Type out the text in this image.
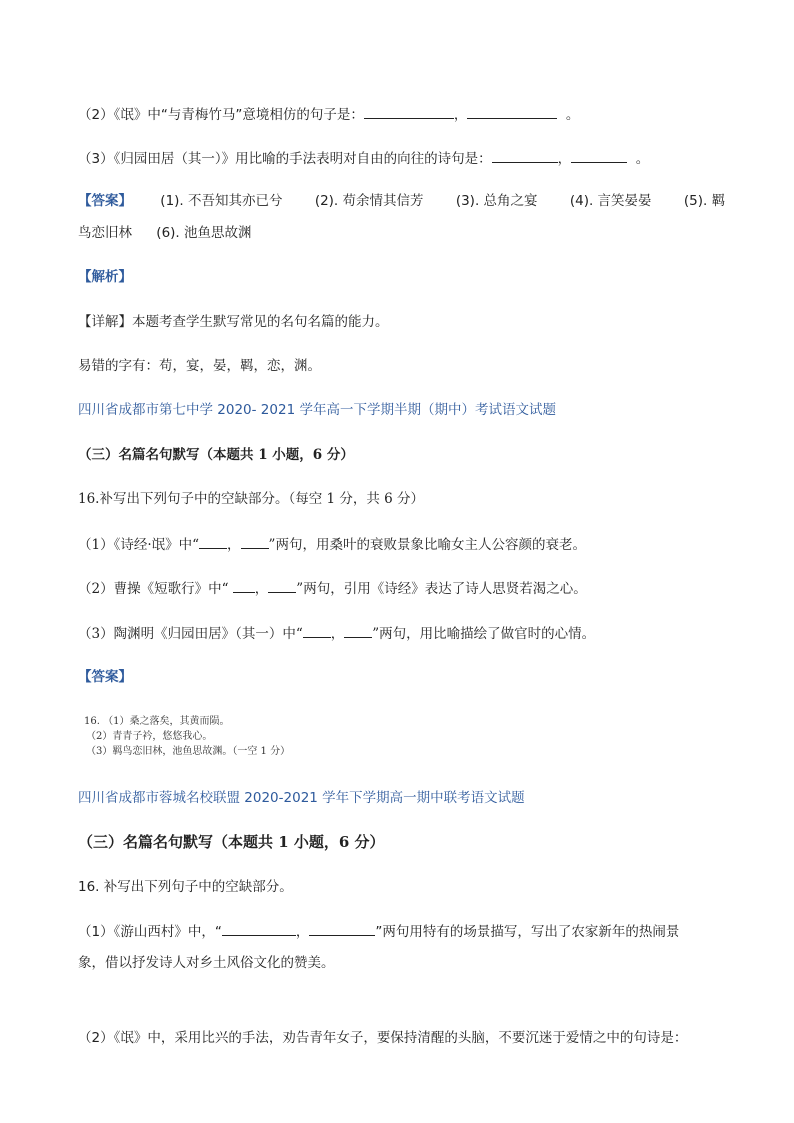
（2）《氓》中“与青梅竹马”意境相仿的句子是：	，	。
（3）《归园田居（其一）》用比喻的手法表明对自由的向往的诗句是：	，	。
【答案】 (1). 不吾知其亦已兮 (2). 苟余情其信芳 (3). 总角之宴 (4). 言笑晏晏 (5). 羁
鸟恋旧林 (6). 池鱼思故渊
【解析】
【详解】本题考查学生默写常见的名句名篇的能力。
易错的字有：苟，宴，晏，羁，恋，渊。
四川省成都市第七中学 2020- 2021 学年高一下学期半期（期中）考试语文试题
（三）名篇名句默写（本题共 1 小题，6 分）
16.补写出下列句子中的空缺部分。（每空 1 分，共 6 分）
（1）《诗经·氓》中“ ， ”两句，用桑叶的衰败景象比喻女主人公容颜的衰老。
（2）曹操《短歌行》中“ ， ”两句，引用《诗经》表达了诗人思贤若渴之心。
（3）陶渊明《归园田居》（其一）中“ ， ”两句，用比喻描绘了做官时的心情。
【答案】
16. （1）桑之落矣，其黄而陨。
（2）青青子衿，悠悠我心。
（3）羁鸟恋旧林，池鱼思故渊。（一空 1 分）
四川省成都市蓉城名校联盟 2020-2021 学年下学期高一期中联考语文试题
（三）名篇名句默写（本题共 1 小题，6 分）
16. 补写出下列句子中的空缺部分。
（1）《游山西村》中，“	，	”两句用特有的场景描写，写出了农家新年的热闹景
象，借以抒发诗人对乡土风俗文化的赞美。
（2）《氓》中，采用比兴的手法，劝告青年女子，要保持清醒的头脑，不要沉迷于爱情之中的句诗是：
